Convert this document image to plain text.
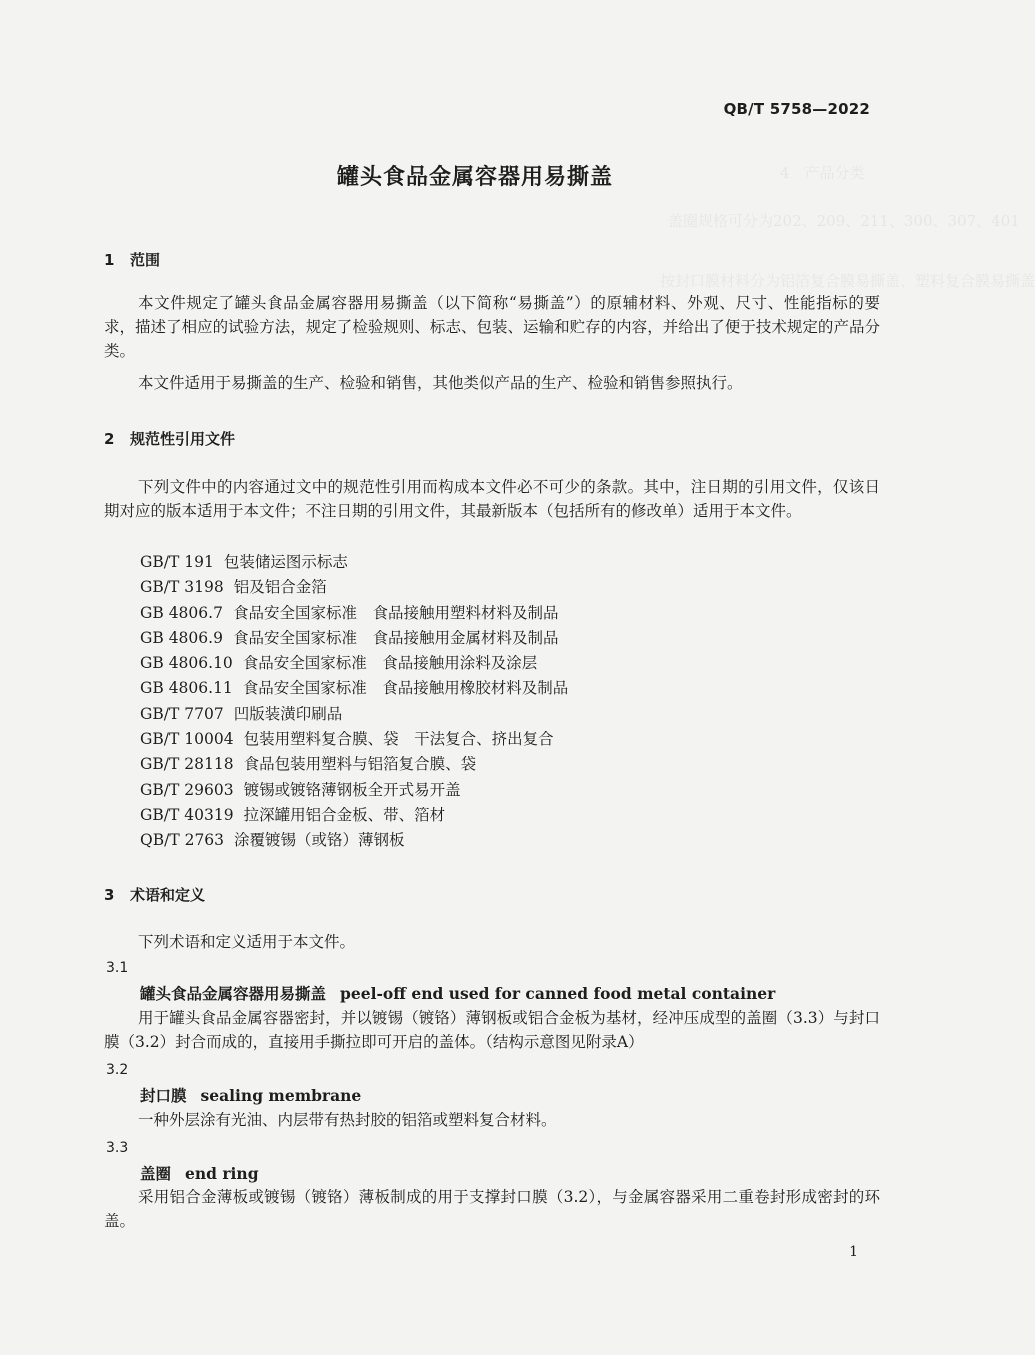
4　产品分类
盖圈规格可分为202、209、211、300、307、401
按封口膜材料分为铝箔复合膜易撕盖、塑料复合膜易撕盖
QB/T 5758—2022
罐头食品金属容器用易撕盖
1 范围
本文件规定了罐头食品金属容器用易撕盖（以下简称“易撕盖”）的原辅材料、外观、尺寸、性能指标的要求，描述了相应的试验方法，规定了检验规则、标志、包装、运输和贮存的内容，并给出了便于技术规定的产品分类。
本文件适用于易撕盖的生产、检验和销售，其他类似产品的生产、检验和销售参照执行。
2 规范性引用文件
下列文件中的内容通过文中的规范性引用而构成本文件必不可少的条款。其中，注日期的引用文件，仅该日期对应的版本适用于本文件；不注日期的引用文件，其最新版本（包括所有的修改单）适用于本文件。
GB/T 191 包装储运图示标志
GB/T 3198 铝及铝合金箔
GB 4806.7 食品安全国家标准　食品接触用塑料材料及制品
GB 4806.9 食品安全国家标准　食品接触用金属材料及制品
GB 4806.10 食品安全国家标准　食品接触用涂料及涂层
GB 4806.11 食品安全国家标准　食品接触用橡胶材料及制品
GB/T 7707 凹版装潢印刷品
GB/T 10004 包装用塑料复合膜、袋　干法复合、挤出复合
GB/T 28118 食品包装用塑料与铝箔复合膜、袋
GB/T 29603 镀锡或镀铬薄钢板全开式易开盖
GB/T 40319 拉深罐用铝合金板、带、箔材
QB/T 2763 涂覆镀锡（或铬）薄钢板
3 术语和定义
下列术语和定义适用于本文件。
3.1
罐头食品金属容器用易撕盖 peel-off end used for canned food metal container
用于罐头食品金属容器密封，并以镀锡（镀铬）薄钢板或铝合金板为基材，经冲压成型的盖圈（3.3）与封口膜（3.2）封合而成的，直接用手撕拉即可开启的盖体。（结构示意图见附录A）
3.2
封口膜 sealing membrane
一种外层涂有光油、内层带有热封胶的铝箔或塑料复合材料。
3.3
盖圈 end ring
采用铝合金薄板或镀锡（镀铬）薄板制成的用于支撑封口膜（3.2），与金属容器采用二重卷封形成密封的环盖。
1
